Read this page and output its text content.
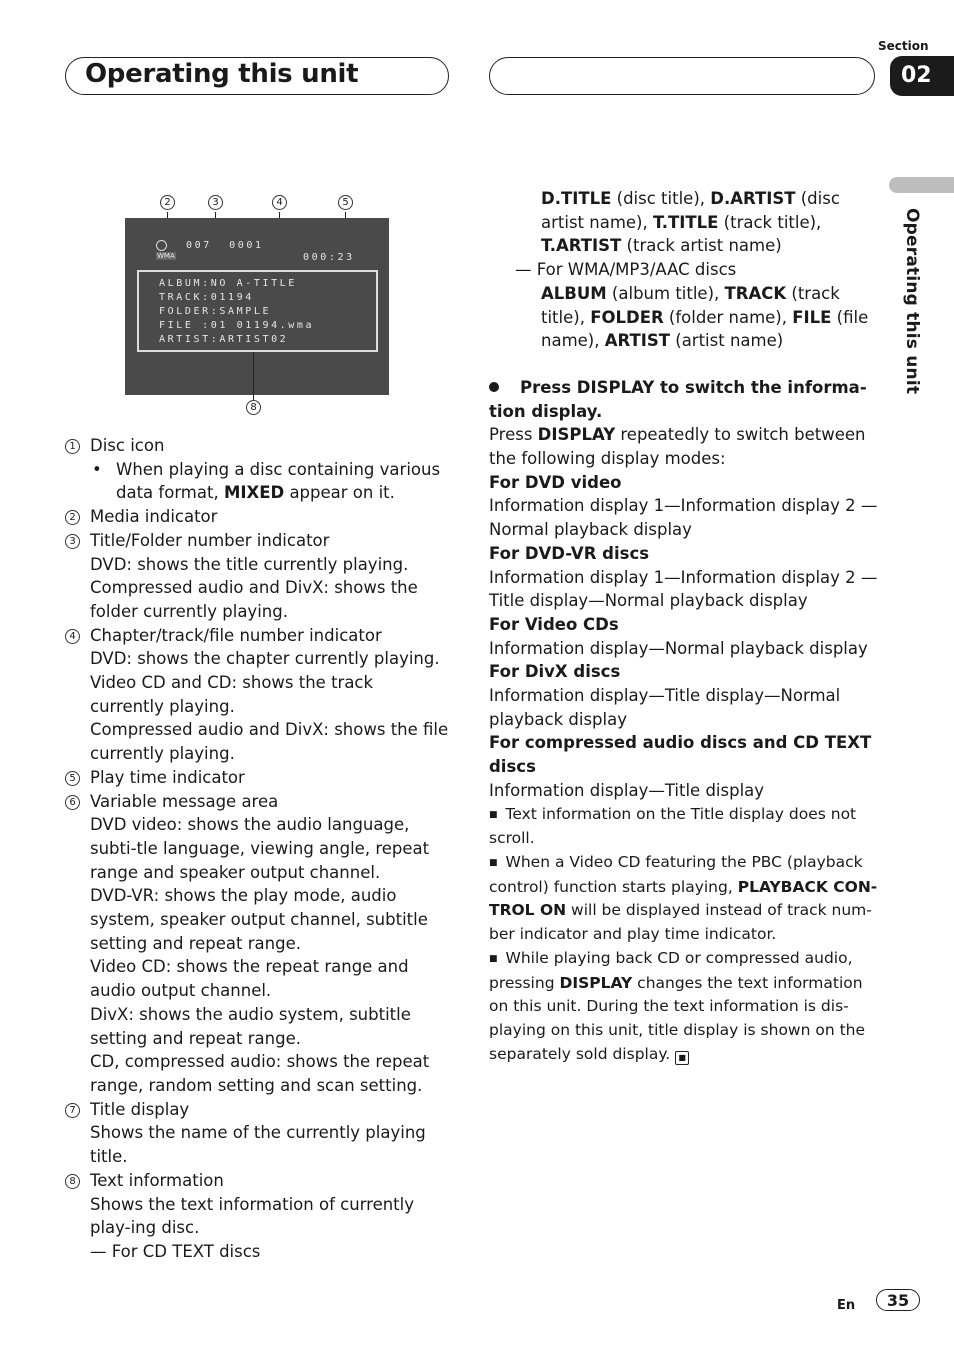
Operating this unit
Section
02
Operating this unit
2	3	4	5
WMA
007  0001
000:23
ALBUM:NO A-TITLE
TRACK:01194
FOLDER:SAMPLE
FILE :01 01194.wma
ARTIST:ARTIST02
8

1 Disc icon

• When playing a disc containing various data format, MIXED appear on it.

2 Media indicator

3 Title/Folder number indicator

DVD: shows the title currently playing.

Compressed audio and DivX: shows the folder currently playing.

4 Chapter/track/file number indicator

DVD: shows the chapter currently playing.

Video CD and CD: shows the track currently playing.

Compressed audio and DivX: shows the file currently playing.

5 Play time indicator

6 Variable message area

DVD video: shows the audio language, subti-tle language, viewing angle, repeat range and speaker output channel.

DVD-VR: shows the play mode, audio system, speaker output channel, subtitle setting and repeat range.

Video CD: shows the repeat range and audio output channel.

DivX: shows the audio system, subtitle setting and repeat range.

CD, compressed audio: shows the repeat range, random setting and scan setting.

7 Title display

Shows the name of the currently playing title.

8 Text information

Shows the text information of currently play-ing disc.

— For CD TEXT discs

D.TITLE (disc title), D.ARTIST (disc artist name), T.TITLE (track title), T.ARTIST (track artist name)

— For WMA/MP3/AAC discs

ALBUM (album title), TRACK (track title), FOLDER (folder name), FILE (file name), ARTIST (artist name)

Press DISPLAY to switch the informa-tion display.

Press DISPLAY repeatedly to switch between the following display modes:

For DVD video

Information display 1—Information display 2 —Normal playback display

For DVD-VR discs

Information display 1—Information display 2 —Title display—Normal playback display

For Video CDs

Information display—Normal playback display

For DivX discs

Information display—Title display—Normal playback display

For compressed audio discs and CD TEXT discs

Information display—Title display

■ Text information on the Title display does not scroll.

■ When a Video CD featuring the PBC (playback control) function starts playing, PLAYBACK CON-TROL ON will be displayed instead of track num-ber indicator and play time indicator.

■ While playing back CD or compressed audio, pressing DISPLAY changes the text information on this unit. During the text information is dis-playing on this unit, title display is shown on the separately sold display. ■

En	35
